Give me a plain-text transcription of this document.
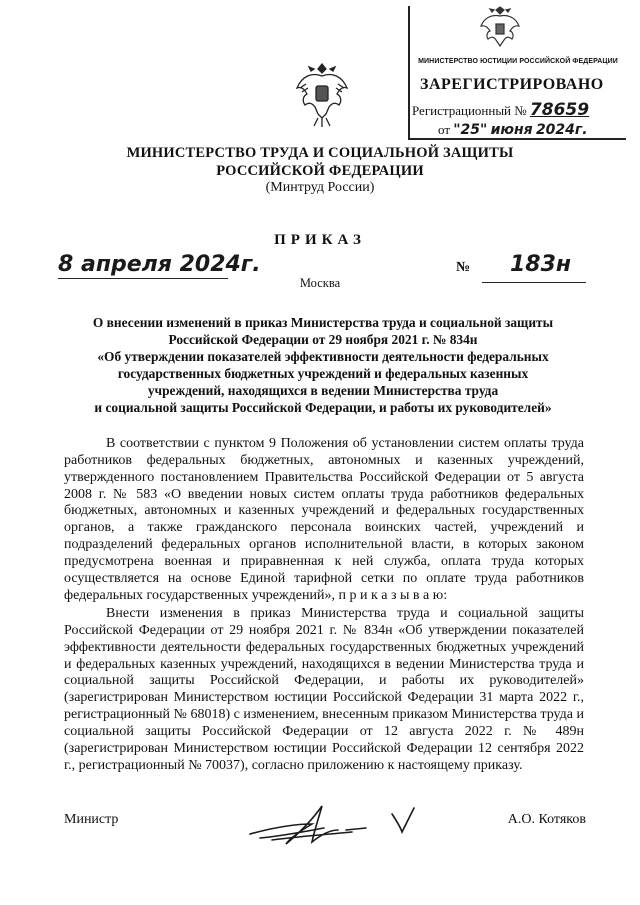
МИНИСТЕРСТВО ЮСТИЦИИ РОССИЙСКОЙ ФЕДЕРАЦИИ
ЗАРЕГИСТРИРОВАНО
Регистрационный № 78659
от "25" июня 2024г.
МИНИСТЕРСТВО ТРУДА И СОЦИАЛЬНОЙ ЗАЩИТЫ
РОССИЙСКОЙ ФЕДЕРАЦИИ
(Минтруд России)
ПРИКАЗ
8 апреля 2024г.
Москва
№ 183н
О внесении изменений в приказ Министерства труда и социальной защиты
Российской Федерации от 29 ноября 2021 г. № 834н
«Об утверждении показателей эффективности деятельности федеральных
государственных бюджетных учреждений и федеральных казенных
учреждений, находящихся в ведении Министерства труда
и социальной защиты Российской Федерации, и работы их руководителей»
В соответствии с пунктом 9 Положения об установлении систем оплаты труда работников федеральных бюджетных, автономных и казенных учреждений, утвержденного постановлением Правительства Российской Федерации от 5 августа 2008 г. № 583 «О введении новых систем оплаты труда работников федеральных бюджетных, автономных и казенных учреждений и федеральных государственных органов, а также гражданского персонала воинских частей, учреждений и подразделений федеральных органов исполнительной власти, в которых законом предусмотрена военная и приравненная к ней служба, оплата труда которых осуществляется на основе Единой тарифной сетки по оплате труда работников федеральных государственных учреждений», п р и к а з ы в а ю:
Внести изменения в приказ Министерства труда и социальной защиты Российской Федерации от 29 ноября 2021 г. № 834н «Об утверждении показателей эффективности деятельности федеральных государственных бюджетных учреждений и федеральных казенных учреждений, находящихся в ведении Министерства труда и социальной защиты Российской Федерации, и работы их руководителей» (зарегистрирован Министерством юстиции Российской Федерации 31 марта 2022 г., регистрационный № 68018) с изменением, внесенным приказом Министерства труда и социальной защиты Российской Федерации от 12 августа 2022 г. № 489н (зарегистрирован Министерством юстиции Российской Федерации 12 сентября 2022 г., регистрационный № 70037), согласно приложению к настоящему приказу.
Министр	А.О. Котяков
